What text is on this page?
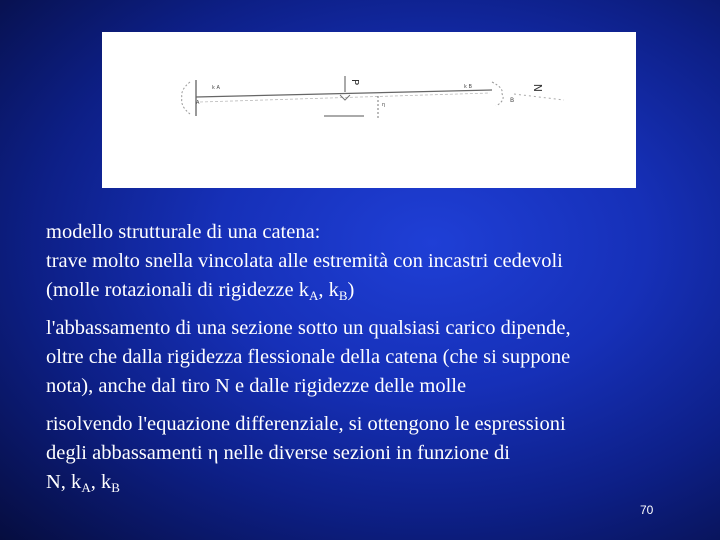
k A
A
P
η
k B
B
N

modello strutturale di una catena:
trave molto snella vincolata alle estremità con incastri cedevoli
(molle rotazionali di rigidezze $k_A$, $k_B$)

l'abbassamento di una sezione sotto un qualsiasi carico dipende,
oltre che dalla rigidezza flessionale della catena (che si suppone
nota), anche dal tiro N e dalle rigidezze delle molle

risolvendo l'equazione differenziale, si ottengono le espressioni
degli abbassamenti η nelle diverse sezioni in funzione di
N, $k_A$, $k_B$

70
